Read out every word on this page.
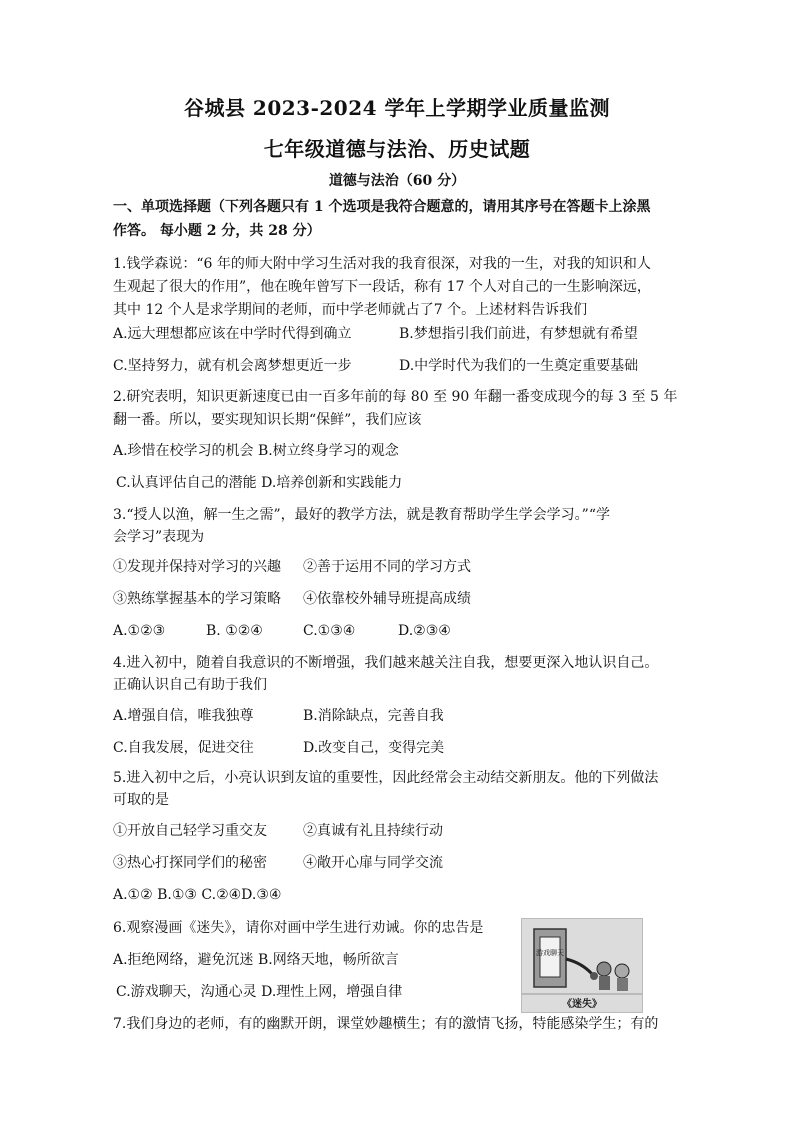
谷城县 2023-2024 学年上学期学业质量监测
七年级道德与法治、历史试题
道德与法治（60 分）
一、单项选择题（下列各题只有 1 个选项是我符合题意的，请用其序号在答题卡上涂黑
作答。 每小题 2 分，共 28 分）
1.钱学森说：“6 年的师大附中学习生活对我的我育很深，对我的一生，对我的知识和人
生观起了很大的作用”，他在晚年曾写下一段话，称有 17 个人对自己的一生影响深远，
其中 12 个人是求学期间的老师，而中学老师就占了7 个。上述材料告诉我们
A.远大理想都应该在中学时代得到确立	B.梦想指引我们前进，有梦想就有希望
C.坚持努力，就有机会离梦想更近一步	D.中学时代为我们的一生奠定重要基础
2.研究表明，知识更新速度已由一百多年前的每 80 至 90 年翻一番变成现今的每 3 至 5 年
翻一番。所以，要实现知识长期“保鲜”，我们应该
A.珍惜在校学习的机会 B.树立终身学习的观念
C.认真评估自己的潜能 D.培养创新和实践能力
3.“授人以渔，解一生之需”，最好的教学方法，就是教育帮助学生学会学习。”“学
会学习”表现为
①发现并保持对学习的兴趣 ②善于运用不同的学习方式
③熟练掌握基本的学习策略 ④依靠校外辅导班提高成绩
A.①②③	B. ①②④	C.①③④	D.②③④
4.进入初中，随着自我意识的不断增强，我们越来越关注自我，想要更深入地认识自己。
正确认识自己有助于我们
A.增强自信，唯我独尊	B.消除缺点，完善自我
C.自我发展，促进交往	D.改变自己，变得完美
5.进入初中之后，小亮认识到友谊的重要性，因此经常会主动结交新朋友。他的下列做法
可取的是
①开放自己轻学习重交友	②真诚有礼且持续行动
③热心打探同学们的秘密	④敞开心扉与同学交流
A.①② B.①③ C.②④D.③④
6.观察漫画《迷失》，请你对画中学生进行劝诫。你的忠告是
A.拒绝网络，避免沉迷 B.网络天地，畅所欲言
C.游戏聊天，沟通心灵 D.理性上网，增强自律
游戏聊天
《迷失》
7.我们身边的老师，有的幽默开朗，课堂妙趣横生；有的激情飞扬，特能感染学生；有的
